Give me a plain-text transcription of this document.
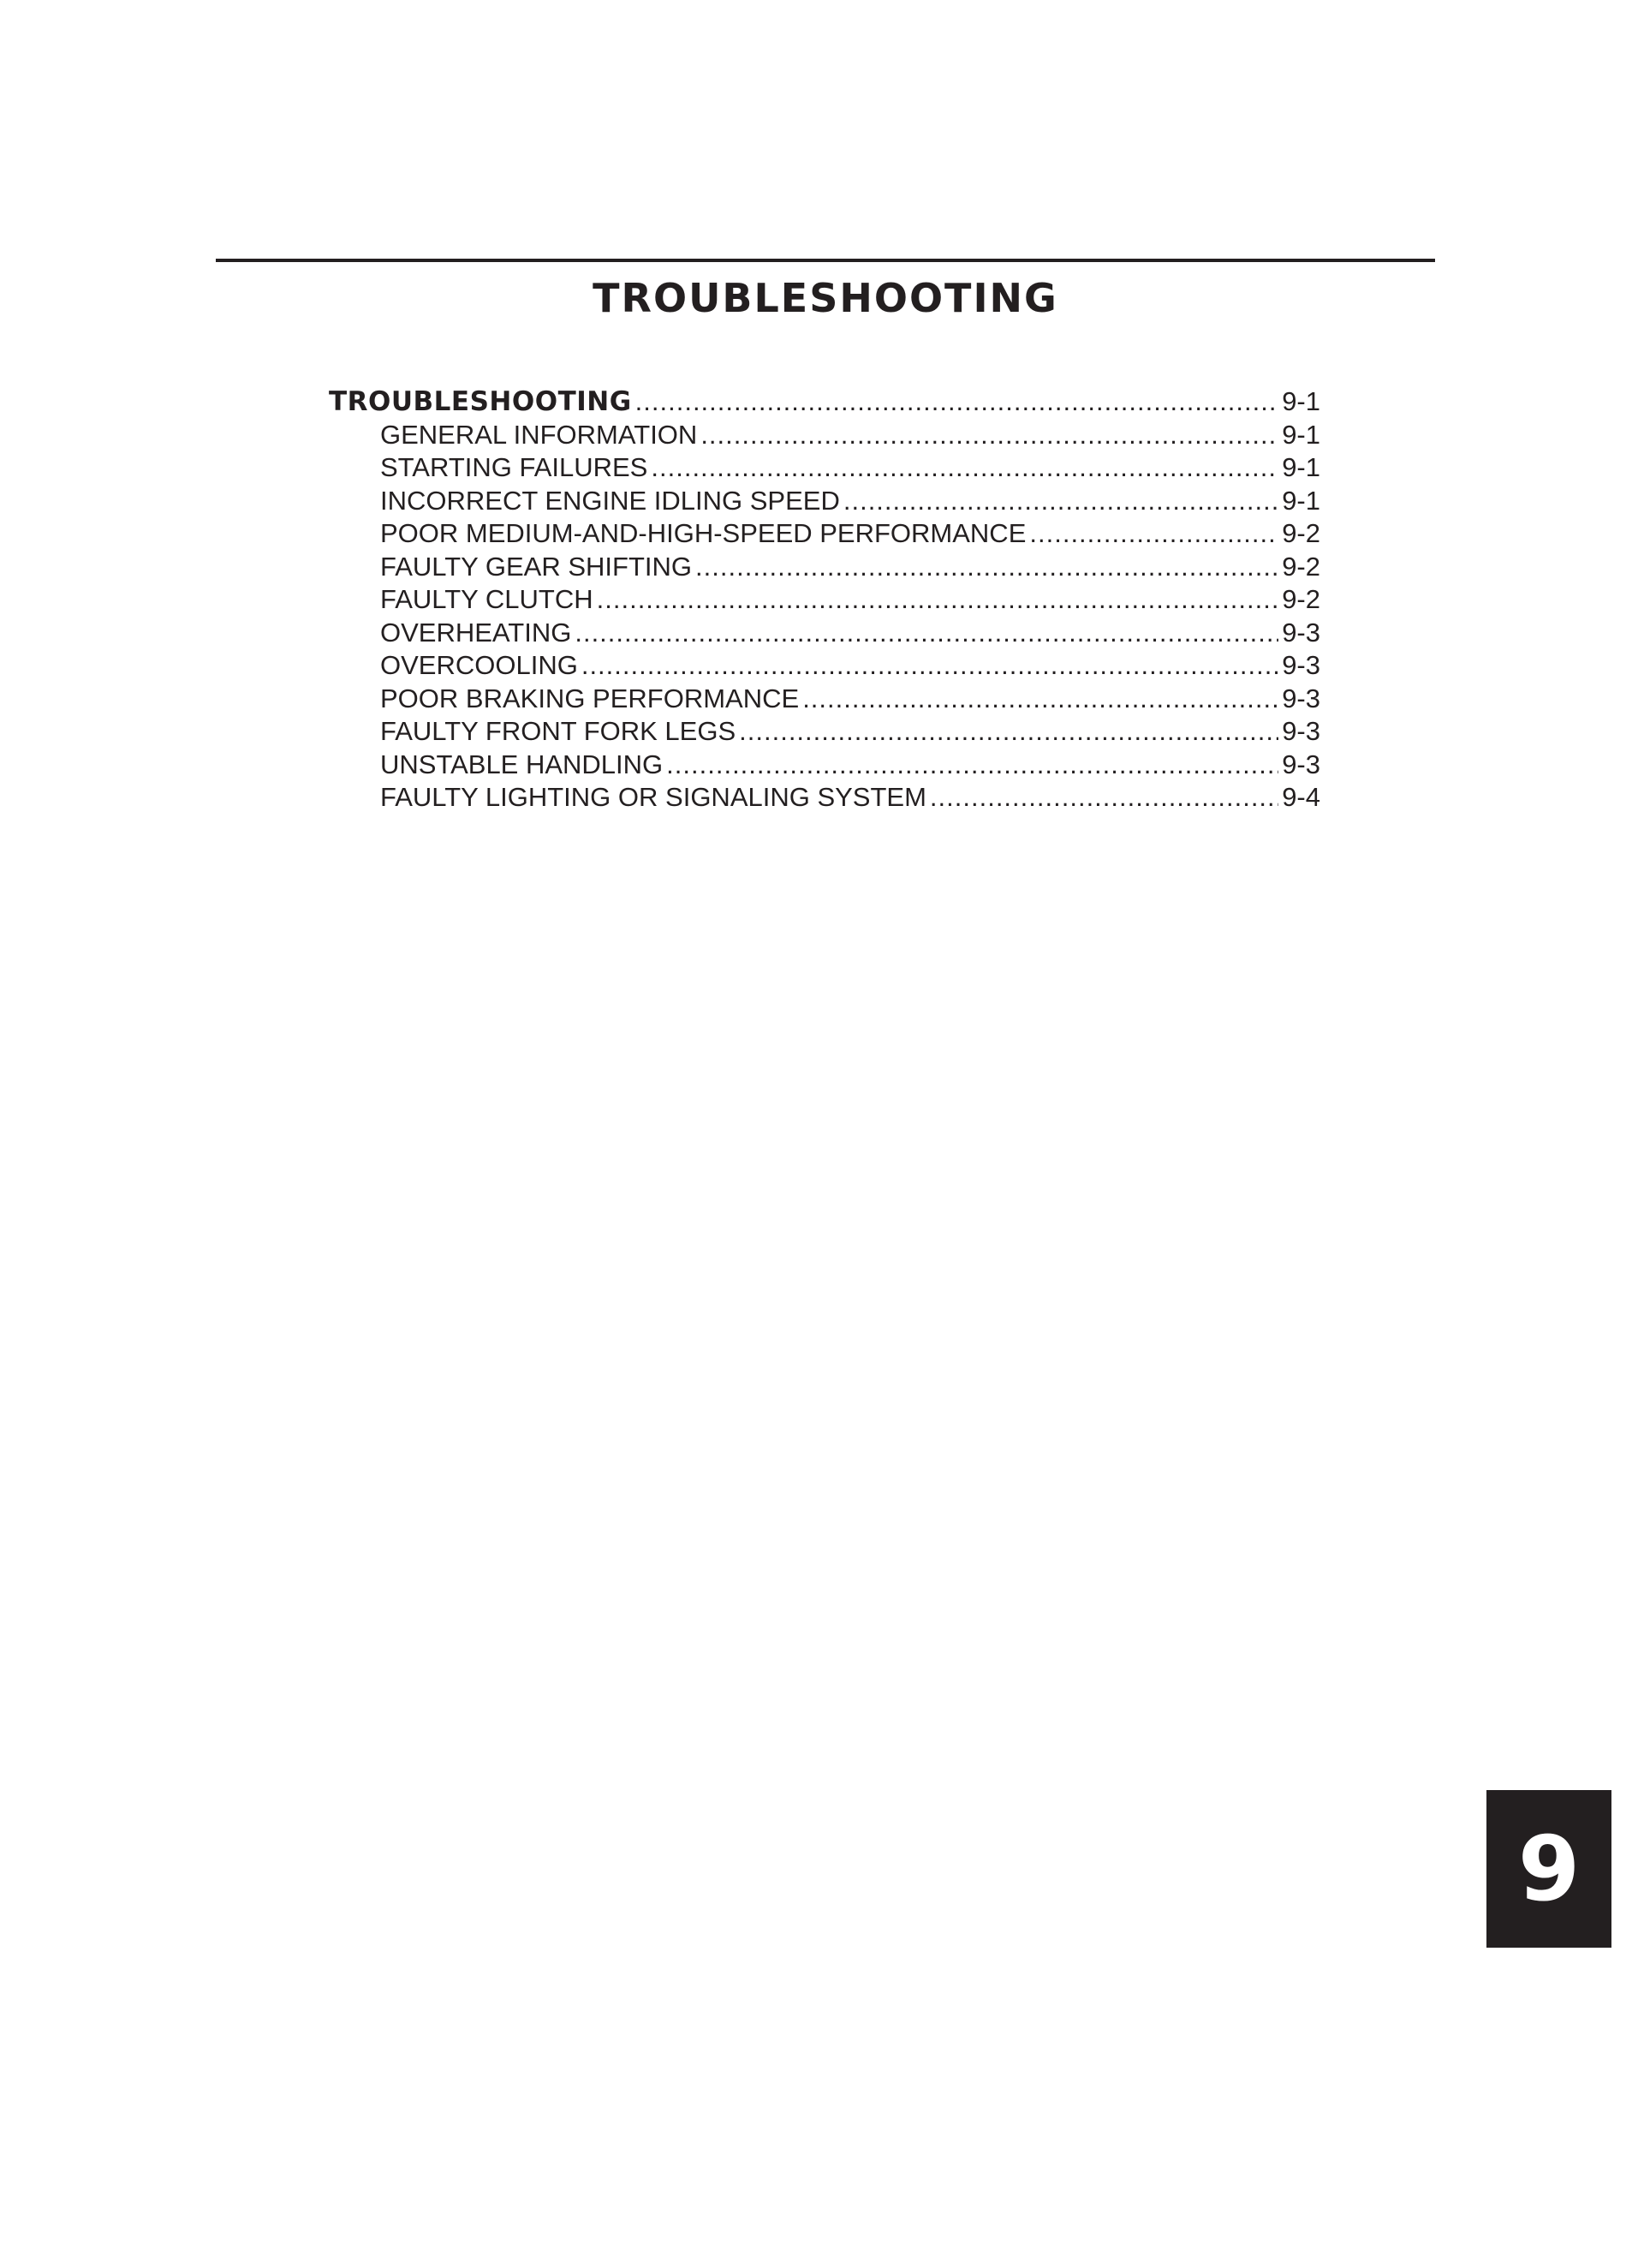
TROUBLESHOOTING
TROUBLESHOOTING .....	9-1
GENERAL INFORMATION .....	9-1
STARTING FAILURES .....	9-1
INCORRECT ENGINE IDLING SPEED .....	9-1
POOR MEDIUM-AND-HIGH-SPEED PERFORMANCE .....	9-2
FAULTY GEAR SHIFTING .....	9-2
FAULTY CLUTCH .....	9-2
OVERHEATING .....	9-3
OVERCOOLING .....	9-3
POOR BRAKING PERFORMANCE .....	9-3
FAULTY FRONT FORK LEGS .....	9-3
UNSTABLE HANDLING .....	9-3
FAULTY LIGHTING OR SIGNALING SYSTEM .....	9-4
9
